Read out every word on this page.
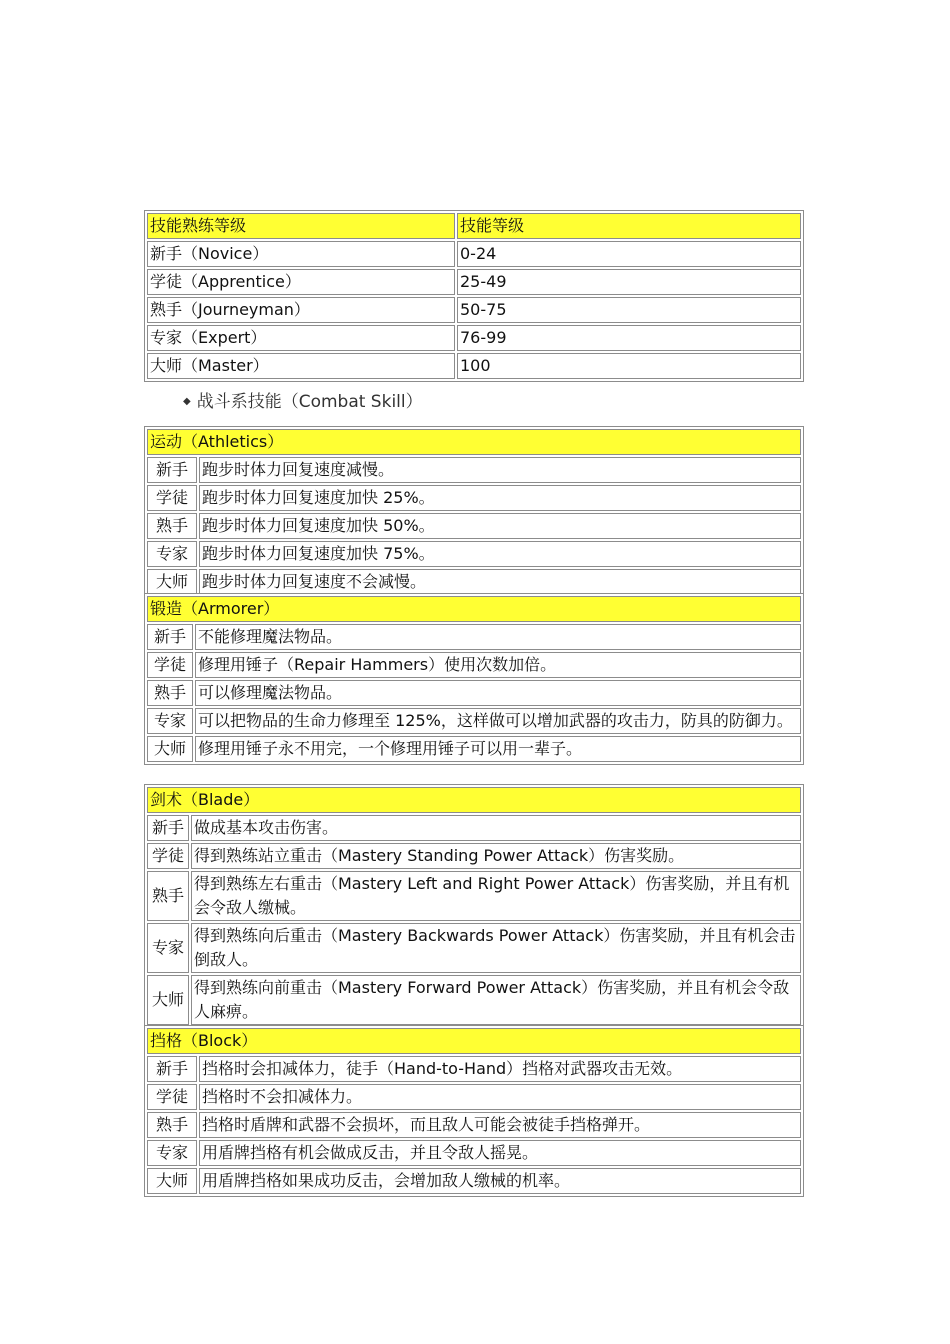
技能熟练等级	技能等级
新手（Novice）	0-24
学徒（Apprentice）	25-49
熟手（Journeyman）	50-75
专家（Expert）	76-99
大师（Master）	100
◆ 战斗系技能（Combat Skill）
运动（Athletics）	
新手	跑步时体力回复速度减慢。
学徒	跑步时体力回复速度加快 25%。
熟手	跑步时体力回复速度加快 50%。
专家	跑步时体力回复速度加快 75%。
大师	跑步时体力回复速度不会减慢。
锻造（Armorer）	
新手	不能修理魔法物品。
学徒	修理用锤子（Repair Hammers）使用次数加倍。
熟手	可以修理魔法物品。
专家	可以把物品的生命力修理至 125%，这样做可以增加武器的攻击力，防具的防御力。
大师	修理用锤子永不用完，一个修理用锤子可以用一辈子。
剑术（Blade）	
新手	做成基本攻击伤害。
学徒	得到熟练站立重击（Mastery Standing Power Attack）伤害奖励。
熟手	得到熟练左右重击（Mastery Left and Right Power Attack）伤害奖励，并且有机会令敌人缴械。
专家	得到熟练向后重击（Mastery Backwards Power Attack）伤害奖励，并且有机会击倒敌人。
大师	得到熟练向前重击（Mastery Forward Power Attack）伤害奖励，并且有机会令敌人麻痹。
挡格（Block）	
新手	挡格时会扣减体力，徒手（Hand-to-Hand）挡格对武器攻击无效。
学徒	挡格时不会扣减体力。
熟手	挡格时盾牌和武器不会损坏，而且敌人可能会被徒手挡格弹开。
专家	用盾牌挡格有机会做成反击，并且令敌人摇晃。
大师	用盾牌挡格如果成功反击，会增加敌人缴械的机率。
